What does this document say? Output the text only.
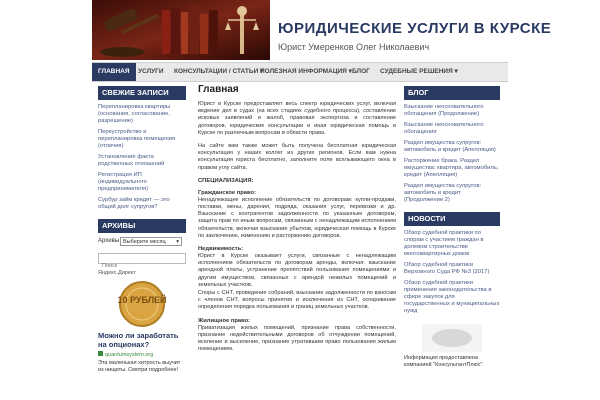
ЮРИДИЧЕСКИЕ УСЛУГИ В КУРСКЕ
Юрист Умеренков Олег Николаевич
ГЛАВНАЯ	УСЛУГИ	КОНСУЛЬТАЦИИ / СТАТЬИ ▾
ПОЛЕЗНАЯ ИНФОРМАЦИЯ ▾ БЛОГ	СУДЕБНЫЕ РЕШЕНИЯ ▾
СВЕЖИЕ ЗАПИСИ
Перепланировка квартиры (основания, согласование, разрешение)
Переустройство и перепланировка помещения (отличия)
Установление факта родственных отношений
Регистрация ИП (индивидуального предпринимателя)
Сурбур займ кредит — это общий долг супругов?
АРХИВЫ
Архивы Выберите месяц ▾
Поиск
Яндекс.Директ
10 РУБЛЕЙ
Можно ли заработать на опционах?
quantumsystem.org
Эта маленькая хитрость выучит из нищеты. Смотри подробнее!
Главная
Юрист в Курске предоставляет весь спектр юридических услуг, включая ведение дел в судах (на всех стадиях судебного процесса), составление исковых заявлений и жалоб, правовая экспертиза и составление договоров, юридические консультации и иная юридическая помощь в Курске по различным вопросам в области права.
На сайте вам также может быть получена бесплатная юридическая консультация у наших коллег из других регионов. Если вам нужна консультация юриста бесплатно, заполните поле всплывающего окна в правом углу сайта.
СПЕЦИАЛИЗАЦИЯ:
Гражданское право:
Ненадлежащее исполнение обязательств по договорам: купли-продажи, поставки, мены, дарения, подряда, оказания услуг, перевозки и др. Взыскание с контрагентов задолженности по указанным договорам, защита прав по иным вопросам, связанным с ненадлежащим исполнением обязательств, включая взыскание убытков, юридическая помощь в Курске по заключению, изменению и расторжению договоров.
Недвижимость:
Юрист в Курске оказывает услуги, связанные с ненадлежащим исполнением обязательств по договорам аренды, включая: взыскание арендной платы, устранение препятствий пользования помещениями и другим имуществом, связанных с арендой нежилых помещений и земельных участков.
Споры с СНТ, проведение собраний, взыскание задолженности по взносам с членов СНТ, вопросы принятия и исключения из СНТ, оспаривание определения порядка пользования и границ земельных участков.
Жилищное право:
Приватизация жилых помещений, признание права собственности, признание недействительными договоров об отчуждении помещений, вселение и выселение, признание утратившим право пользования жилым помещением.
БЛОГ
Взыскание неосновательного обогащения (Продолжение)
Взыскание неосновательного обогащения
Раздел имущества супругов: автомобиль и кредит (Апелляция)
Расторжение брака. Раздел имущества: квартира, автомобиль, кредит (Апелляция)
Раздел имущества супругов: автомобиль и кредит (Продолжение 2)
НОВОСТИ
Обзор судебной практики по спорам с участием граждан в долевом строительстве многоквартирных домов
Обзор судебной практики Верховного Суда РФ №3 (2017)
Обзор судебной практики применения законодательства в сфере закупок для государственных и муниципальных нужд
Информация предоставлена компанией "КонсультантПлюс"
